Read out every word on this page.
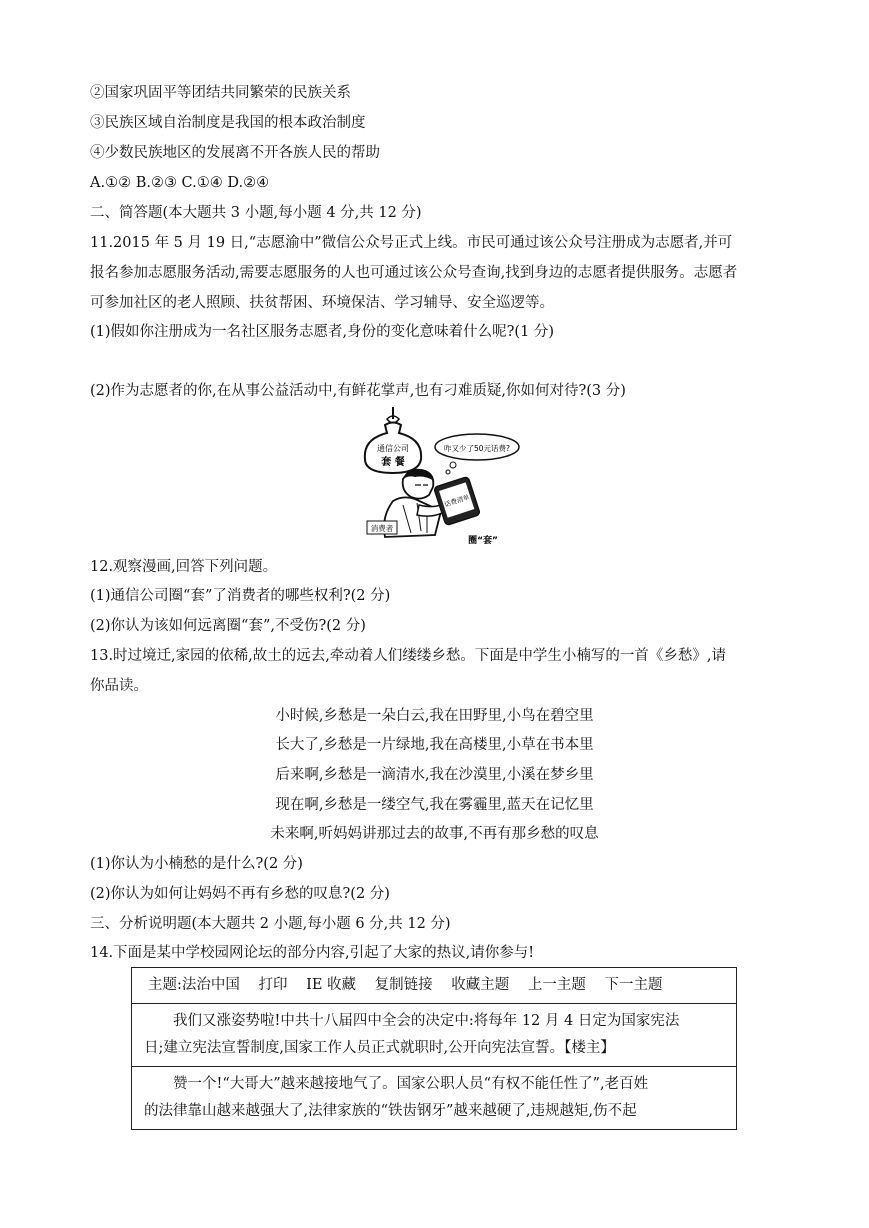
②国家巩固平等团结共同繁荣的民族关系
③民族区域自治制度是我国的根本政治制度
④少数民族地区的发展离不开各族人民的帮助
A.①② B.②③ C.①④ D.②④
二、简答题(本大题共 3 小题,每小题 4 分,共 12 分)
11.2015 年 5 月 19 日,“志愿渝中”微信公众号正式上线。市民可通过该公众号注册成为志愿者,并可
报名参加志愿服务活动,需要志愿服务的人也可通过该公众号查询,找到身边的志愿者提供服务。志愿者
可参加社区的老人照顾、扶贫帮困、环境保洁、学习辅导、安全巡逻等。
(1)假如你注册成为一名社区服务志愿者,身份的变化意味着什么呢?(1 分)
(2)作为志愿者的你,在从事公益活动中,有鲜花掌声,也有刁难质疑,你如何对待?(3 分)
通信公司
套 餐
咋又少了50元话费?
话费清单
消费者
圈“套”
12.观察漫画,回答下列问题。
(1)通信公司圈“套”了消费者的哪些权利?(2 分)
(2)你认为该如何远离圈“套”,不受伤?(2 分)
13.时过境迁,家园的依稀,故土的远去,牵动着人们缕缕乡愁。下面是中学生小楠写的一首《乡愁》,请
你品读。
小时候,乡愁是一朵白云,我在田野里,小鸟在碧空里
长大了,乡愁是一片绿地,我在高楼里,小草在书本里
后来啊,乡愁是一滴清水,我在沙漠里,小溪在梦乡里
现在啊,乡愁是一缕空气,我在雾霾里,蓝天在记忆里
未来啊,听妈妈讲那过去的故事,不再有那乡愁的叹息
(1)你认为小楠愁的是什么?(2 分)
(2)你认为如何让妈妈不再有乡愁的叹息?(2 分)
三、分析说明题(本大题共 2 小题,每小题 6 分,共 12 分)
14.下面是某中学校园网论坛的部分内容,引起了大家的热议,请你参与!
主题:法治中国 打印 IE 收藏 复制链接 收藏主题 上一主题 下一主题

我们又涨姿势啦!中共十八届四中全会的决定中:将每年 12 月 4 日定为国家宪法
日;建立宪法宣誓制度,国家工作人员正式就职时,公开向宪法宣誓。【楼主】

赞一个!“大哥大”越来越接地气了。国家公职人员“有权不能任性了”,老百姓
的法律靠山越来越强大了,法律家族的“铁齿钢牙”越来越硬了,违规越矩,伤不起
